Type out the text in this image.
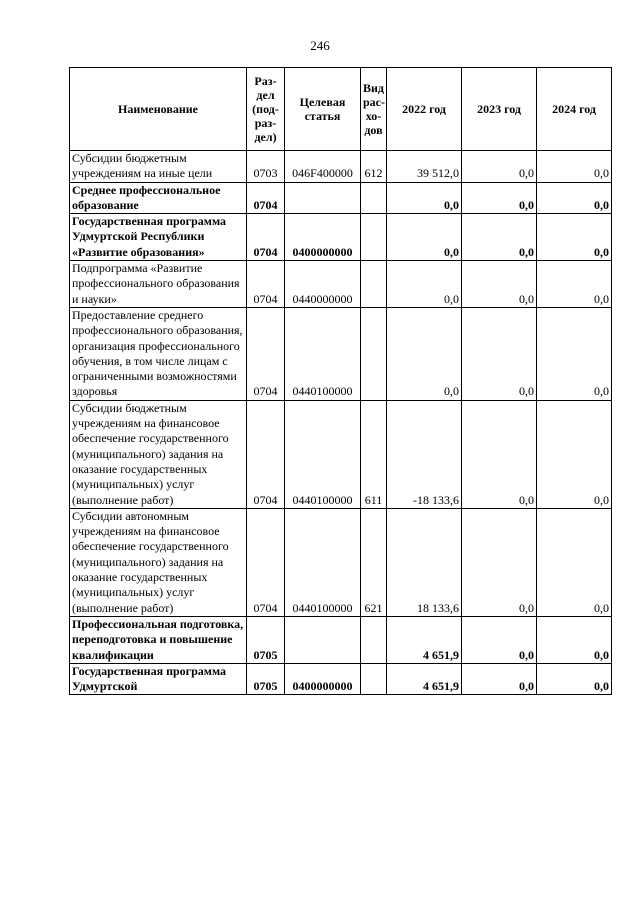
246
Наименование	Раз-дел (под-раз-дел)	Целевая статья	Вид рас-хо-дов	2022 год	2023 год	2024 год
Субсидии бюджетным учреждениям на иные цели	0703	046F400000	612	39 512,0	0,0	0,0
Среднее профессиональное образование	0704			0,0	0,0	0,0
Государственная программа Удмуртской Республики «Развитие образования»	0704	0400000000		0,0	0,0	0,0
Подпрограмма «Развитие профессионального образования и науки»	0704	0440000000		0,0	0,0	0,0
Предоставление среднего профессионального образования, организация профессионального обучения, в том числе лицам с ограниченными возможностями здоровья	0704	0440100000		0,0	0,0	0,0
Субсидии бюджетным учреждениям на финансовое обеспечение государственного (муниципального) задания на оказание государственных (муниципальных) услуг (выполнение работ)	0704	0440100000	611	-18 133,6	0,0	0,0
Субсидии автономным учреждениям на финансовое обеспечение государственного (муниципального) задания на оказание государственных (муниципальных) услуг (выполнение работ)	0704	0440100000	621	18 133,6	0,0	0,0
Профессиональная подготовка, переподготовка и повышение квалификации	0705			4 651,9	0,0	0,0
Государственная программа Удмуртской	0705	0400000000		4 651,9	0,0	0,0
